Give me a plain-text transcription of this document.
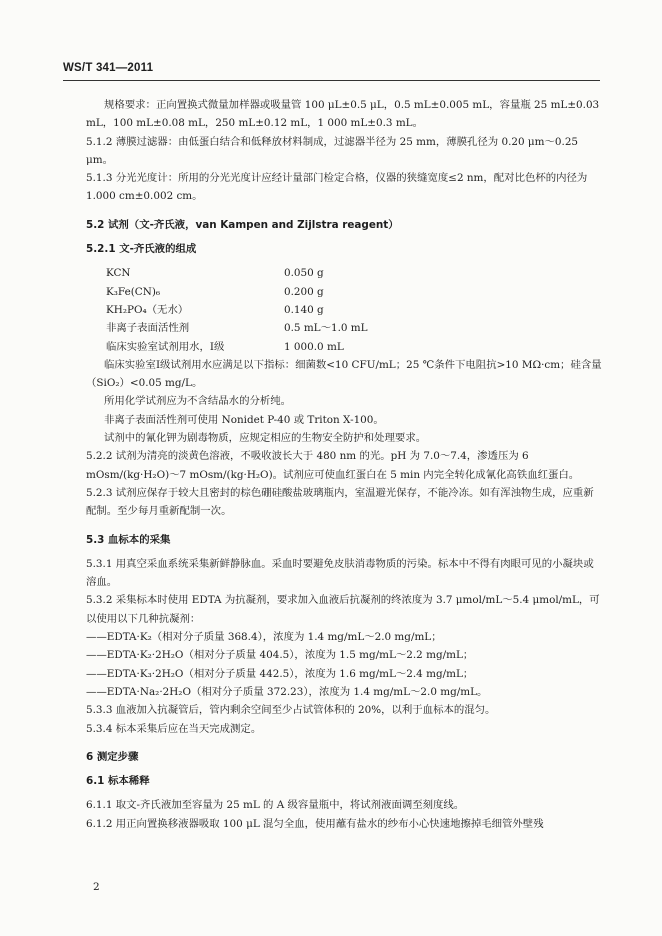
WS/T 341—2011

规格要求：正向置换式微量加样器或吸量管 100 μL±0.5 μL，0.5 mL±0.005 mL，容量瓶 25 mL±0.03 mL，100 mL±0.08 mL，250 mL±0.12 mL，1 000 mL±0.3 mL。

5.1.2 薄膜过滤器：由低蛋白结合和低释放材料制成，过滤器半径为 25 mm，薄膜孔径为 0.20 μm～0.25 μm。

5.1.3 分光光度计：所用的分光光度计应经计量部门检定合格，仪器的狭缝宽度≤2 nm，配对比色杯的内径为 1.000 cm±0.002 cm。

5.2 试剂（文-齐氏液，van Kampen and Zijlstra reagent）

5.2.1 文-齐氏液的组成

KCN	0.050 g
K₃Fe(CN)₆	0.200 g
KH₂PO₄（无水）	0.140 g
非离子表面活性剂	0.5 mL～1.0 mL
临床实验室试剂用水，Ⅰ级	1 000.0 mL

临床实验室Ⅰ级试剂用水应满足以下指标：细菌数<10 CFU/mL；25 ℃条件下电阻抗>10 MΩ·cm；硅含量（SiO₂）<0.05 mg/L。

所用化学试剂应为不含结晶水的分析纯。

非离子表面活性剂可使用 Nonidet P-40 或 Triton X-100。

试剂中的氰化钾为剧毒物质，应规定相应的生物安全防护和处理要求。

5.2.2 试剂为清亮的淡黄色溶液，不吸收波长大于 480 nm 的光。pH 为 7.0～7.4，渗透压为 6 mOsm/(kg·H₂O)～7 mOsm/(kg·H₂O)。试剂应可使血红蛋白在 5 min 内完全转化成氰化高铁血红蛋白。

5.2.3 试剂应保存于较大且密封的棕色硼硅酸盐玻璃瓶内，室温避光保存，不能冷冻。如有浑浊物生成，应重新配制。至少每月重新配制一次。

5.3 血标本的采集

5.3.1 用真空采血系统采集新鲜静脉血。采血时要避免皮肤消毒物质的污染。标本中不得有肉眼可见的小凝块或溶血。

5.3.2 采集标本时使用 EDTA 为抗凝剂，要求加入血液后抗凝剂的终浓度为 3.7 μmol/mL～5.4 μmol/mL，可以使用以下几种抗凝剂：

——EDTA·K₂（相对分子质量 368.4），浓度为 1.4 mg/mL～2.0 mg/mL；

——EDTA·K₂·2H₂O（相对分子质量 404.5），浓度为 1.5 mg/mL～2.2 mg/mL；

——EDTA·K₃·2H₂O（相对分子质量 442.5），浓度为 1.6 mg/mL～2.4 mg/mL；

——EDTA·Na₂·2H₂O（相对分子质量 372.23），浓度为 1.4 mg/mL～2.0 mg/mL。

5.3.3 血液加入抗凝管后，管内剩余空间至少占试管体积的 20%，以利于血标本的混匀。

5.3.4 标本采集后应在当天完成测定。

6 测定步骤

6.1 标本稀释

6.1.1 取文-齐氏液加至容量为 25 mL 的 A 级容量瓶中，将试剂液面调至刻度线。

6.1.2 用正向置换移液器吸取 100 μL 混匀全血，使用蘸有盐水的纱布小心快速地擦掉毛细管外壁残

2
